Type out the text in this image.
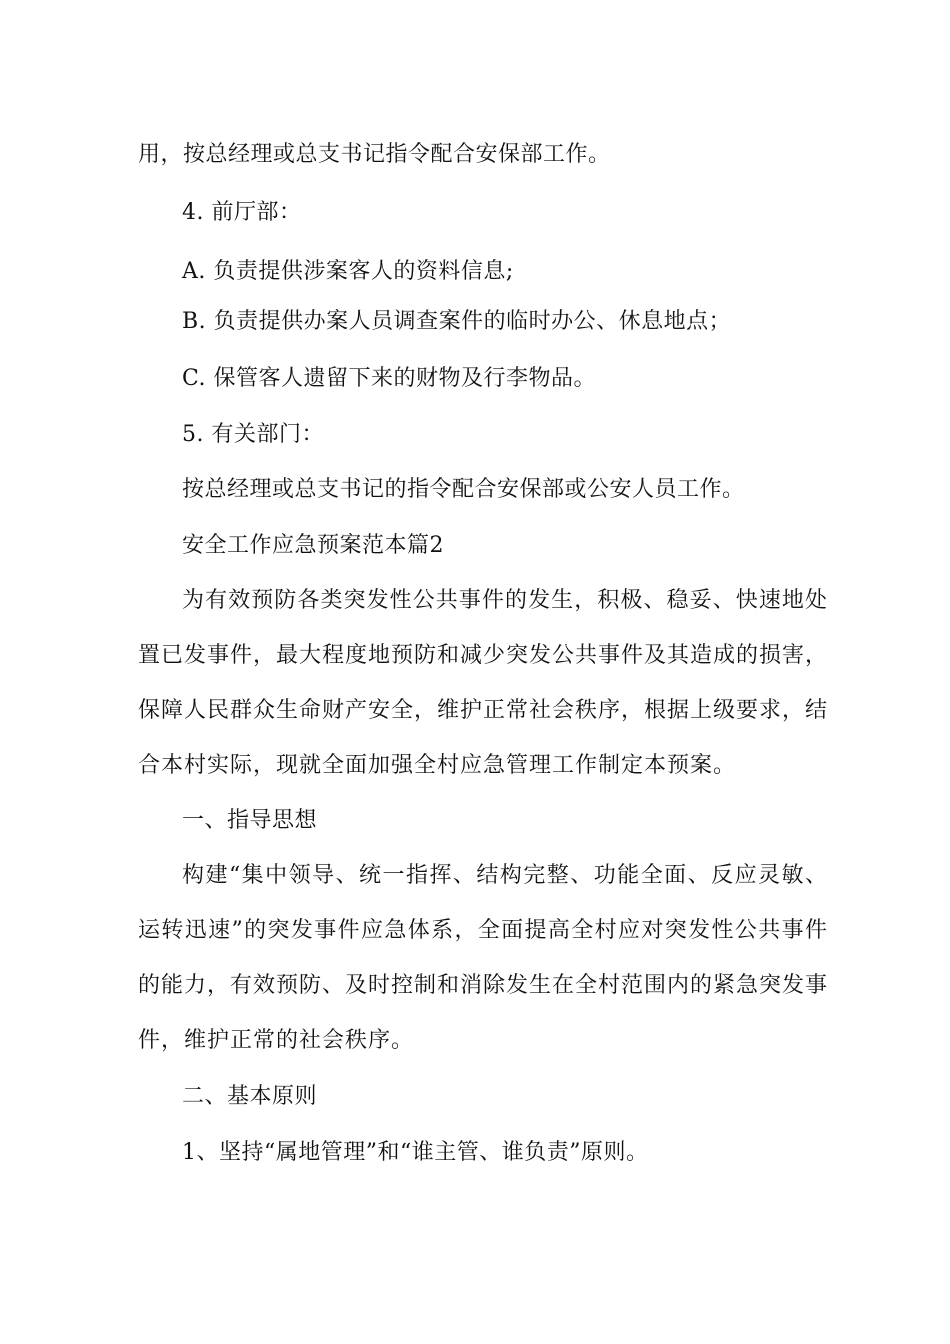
用，按总经理或总支书记指令配合安保部工作。
4. 前厅部：
A. 负责提供涉案客人的资料信息;
B. 负责提供办案人员调查案件的临时办公、休息地点；
C. 保管客人遗留下来的财物及行李物品。
5. 有关部门：
按总经理或总支书记的指令配合安保部或公安人员工作。
安全工作应急预案范本篇2
为有效预防各类突发性公共事件的发生，积极、稳妥、快速地处置已发事件，最大程度地预防和减少突发公共事件及其造成的损害，保障人民群众生命财产安全，维护正常社会秩序，根据上级要求，结合本村实际，现就全面加强全村应急管理工作制定本预案。
一、指导思想
构建“集中领导、统一指挥、结构完整、功能全面、反应灵敏、运转迅速”的突发事件应急体系，全面提高全村应对突发性公共事件的能力，有效预防、及时控制和消除发生在全村范围内的紧急突发事件，维护正常的社会秩序。
二、基本原则
1、坚持“属地管理”和“谁主管、谁负责”原则。
